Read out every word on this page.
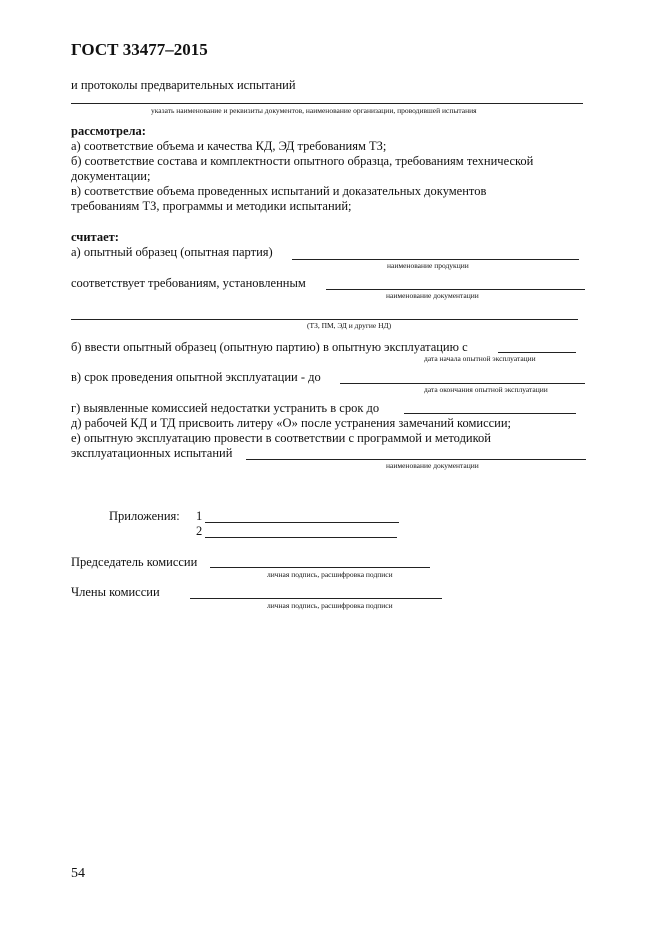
ГОСТ 33477–2015
и протоколы предварительных испытаний
указать наименование и реквизиты документов, наименование организации, проводившей испытания
рассмотрела:
а) соответствие объема и качества КД, ЭД требованиям ТЗ;
б) соответствие состава и комплектности опытного образца, требованиям технической
документации;
в) соответствие объема проведенных испытаний и доказательных документов
требованиям ТЗ, программы и методики испытаний;
считает:
а) опытный образец (опытная партия)
наименование продукции
соответствует требованиям, установленным
наименование документации
(ТЗ, ПМ, ЭД и другие НД)
б) ввести опытный образец (опытную партию) в опытную эксплуатацию с
дата начала опытной эксплуатации
в) срок проведения опытной эксплуатации - до
дата окончания опытной эксплуатации
г) выявленные комиссией недостатки устранить в срок до
д) рабочей КД и ТД присвоить литеру «О» после устранения замечаний комиссии;
е) опытную эксплуатацию провести в соответствии с программой и методикой
эксплуатационных испытаний
наименование документации
Приложения: 1
2
Председатель комиссии
личная подпись, расшифровка подписи
Члены комиссии
личная подпись, расшифровка подписи
54
